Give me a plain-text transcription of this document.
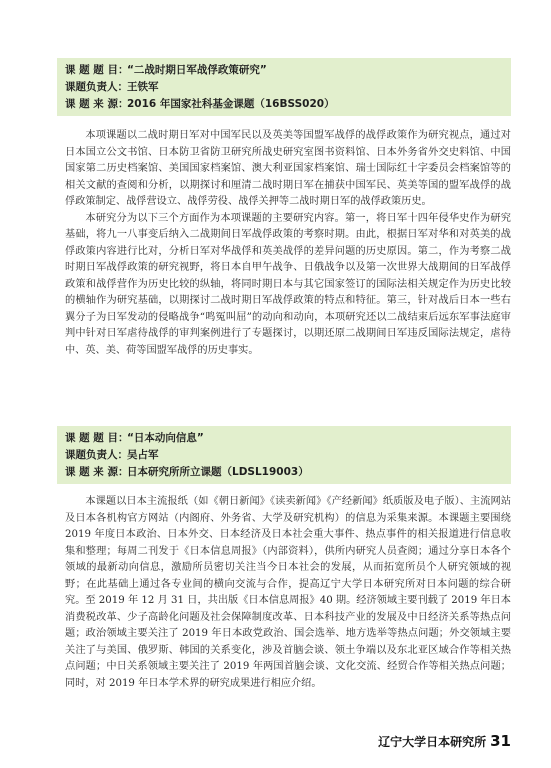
课 题 题 目：“二战时期日军战俘政策研究”
课题负责人：王铁军
课 题 来 源：2016 年国家社科基金课题（16BSS020）

本项课题以二战时期日军对中国军民以及英美等国盟军战俘的战俘政策作为研究视点，通过对日本国立公文书馆、日本防卫省防卫研究所战史研究室图书资料馆、日本外务省外交史料馆、中国国家第二历史档案馆、美国国家档案馆、澳大利亚国家档案馆、瑞士国际红十字委员会档案馆等的相关文献的查阅和分析，以期探讨和厘清二战时期日军在捕获中国军民、英美等国的盟军战俘的战俘政策制定、战俘营设立、战俘劳役、战俘关押等二战时期日军的战俘政策历史。

本研究分为以下三个方面作为本项课题的主要研究内容。第一，将日军十四年侵华史作为研究基础，将九一八事变后纳入二战期间日军战俘政策的考察时期。由此，根据日军对华和对英美的战俘政策内容进行比对，分析日军对华战俘和英美战俘的差异问题的历史原因。第二，作为考察二战时期日军战俘政策的研究视野，将日本自甲午战争、日俄战争以及第一次世界大战期间的日军战俘政策和战俘营作为历史比较的纵轴，将同时期日本与其它国家签订的国际法相关规定作为历史比较的横轴作为研究基础，以期探讨二战时期日军战俘政策的特点和特征。第三，针对战后日本一些右翼分子为日军发动的侵略战争“鸣冤叫屈”的动向和动向，本项研究还以二战结束后远东军事法庭审判中针对日军虐待战俘的审判案例进行了专题探讨，以期还原二战期间日军违反国际法规定，虐待中、英、美、荷等国盟军战俘的历史事实。

课 题 题 目：“日本动向信息”
课题负责人：吴占军
课 题 来 源：日本研究所所立课题（LDSL19003）

本课题以日本主流报纸（如《朝日新闻》《读卖新闻》《产经新闻》纸质版及电子版）、主流网站及日本各机构官方网站（内阁府、外务省、大学及研究机构）的信息为采集来源。本课题主要围绕 2019 年度日本政治、日本外交、日本经济及日本社会重大事件、热点事件的相关报道进行信息收集和整理；每周二刊发于《日本信息周报》（内部资料），供所内研究人员查阅；通过分享日本各个领域的最新动向信息，激励所员密切关注当今日本社会的发展，从而拓宽所员个人研究领域的视野；在此基础上通过各专业间的横向交流与合作，提高辽宁大学日本研究所对日本问题的综合研究。至 2019 年 12 月 31 日，共出版《日本信息周报》40 期。经济领域主要刊载了 2019 年日本消费税改革、少子高龄化问题及社会保障制度改革、日本科技产业的发展及中日经济关系等热点问题；政治领域主要关注了 2019 年日本政党政治、国会选举、地方选举等热点问题；外交领域主要关注了与美国、俄罗斯、韩国的关系变化，涉及首脑会谈、领土争端以及东北亚区域合作等相关热点问题；中日关系领域主要关注了 2019 年两国首脑会谈、文化交流、经贸合作等相关热点问题；同时，对 2019 年日本学术界的研究成果进行相应介绍。

辽宁大学日本研究所 31
